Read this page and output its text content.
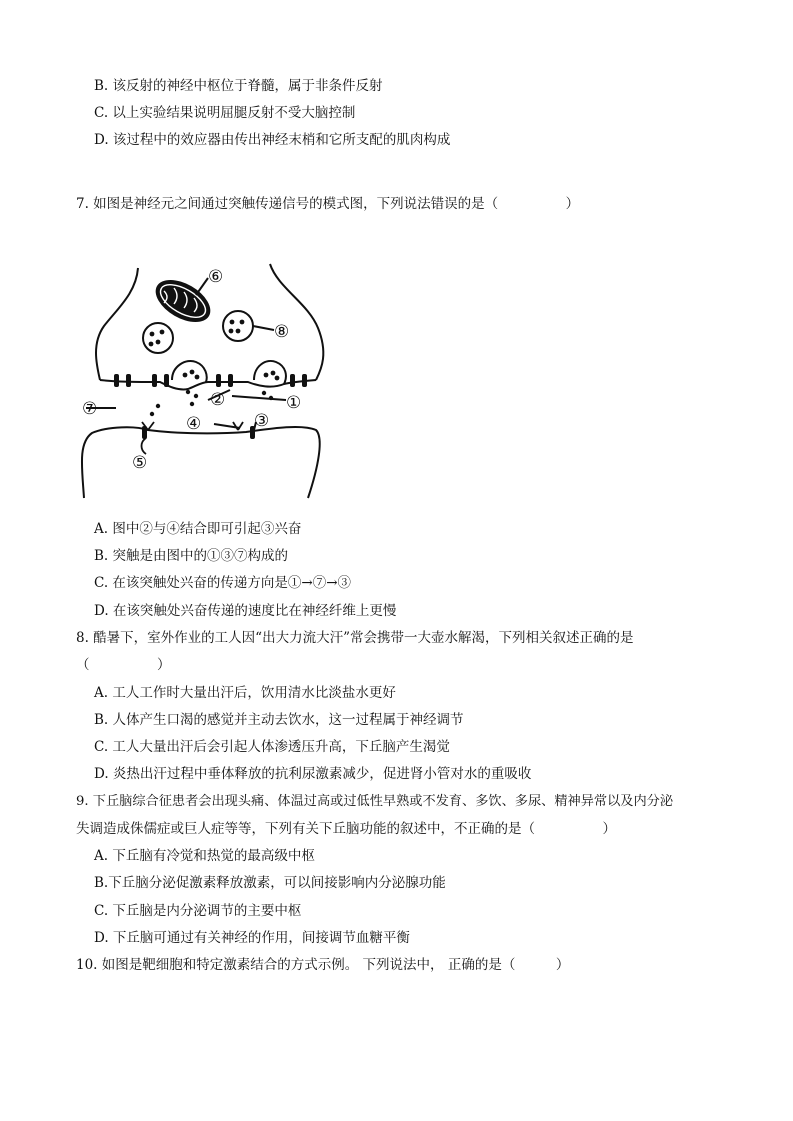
B. 该反射的神经中枢位于脊髓，属于非条件反射
C. 以上实验结果说明屈腿反射不受大脑控制
D. 该过程中的效应器由传出神经末梢和它所支配的肌肉构成
7. 如图是神经元之间通过突触传递信号的模式图，下列说法错误的是（　　　　　）
⑥
⑧
①
②
③
④
⑤
⑦
A. 图中②与④结合即可引起③兴奋
B. 突触是由图中的①③⑦构成的
C. 在该突触处兴奋的传递方向是①→⑦→③
D. 在该突触处兴奋传递的速度比在神经纤维上更慢
8. 酷暑下，室外作业的工人因“出大力流大汗”常会携带一大壶水解渴，下列相关叙述正确的是
（　　　　　）
A. 工人工作时大量出汗后，饮用清水比淡盐水更好
B. 人体产生口渴的感觉并主动去饮水，这一过程属于神经调节
C. 工人大量出汗后会引起人体渗透压升高，下丘脑产生渴觉
D. 炎热出汗过程中垂体释放的抗利尿激素减少，促进肾小管对水的重吸收
9. 下丘脑综合征患者会出现头痛、体温过高或过低性早熟或不发育、多饮、多尿、精神异常以及内分泌
失调造成侏儒症或巨人症等等，下列有关下丘脑功能的叙述中，不正确的是（　　　　　）
A. 下丘脑有冷觉和热觉的最高级中枢
B.下丘脑分泌促激素释放激素，可以间接影响内分泌腺功能
C. 下丘脑是内分泌调节的主要中枢
D. 下丘脑可通过有关神经的作用，间接调节血糖平衡
10. 如图是靶细胞和特定激素结合的方式示例。 下列说法中， 正确的是（　　　）
